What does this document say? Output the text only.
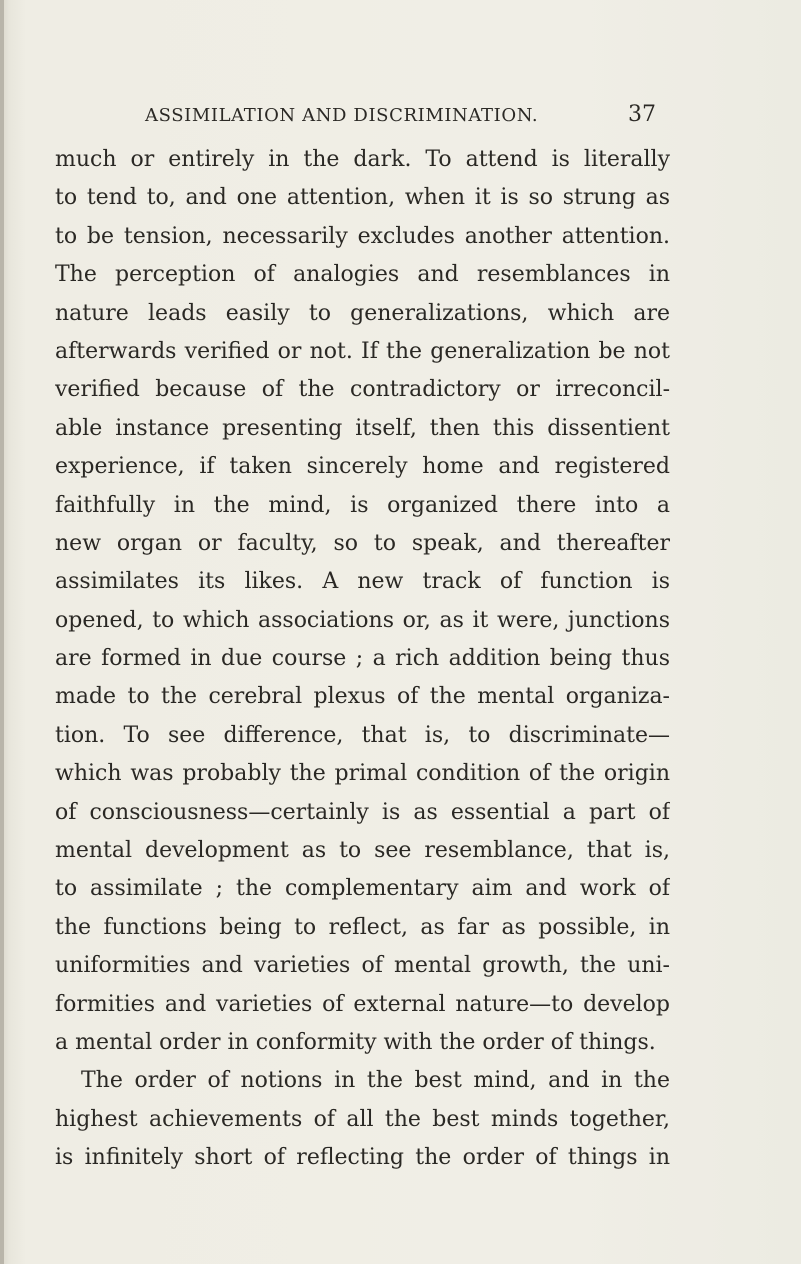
ASSIMILATION AND DISCRIMINATION.	37
much or entirely in the dark. To attend is literally
to tend to, and one attention, when it is so strung as
to be tension, necessarily excludes another attention.
The perception of analogies and resemblances in
nature leads easily to generalizations, which are
afterwards verified or not. If the generalization be not
verified because of the contradictory or irreconcil-
able instance presenting itself, then this dissentient
experience, if taken sincerely home and registered
faithfully in the mind, is organized there into a
new organ or faculty, so to speak, and thereafter
assimilates its likes. A new track of function is
opened, to which associations or, as it were, junctions
are formed in due course ; a rich addition being thus
made to the cerebral plexus of the mental organiza-
tion. To see difference, that is, to discriminate—
which was probably the primal condition of the origin
of consciousness—certainly is as essential a part of
mental development as to see resemblance, that is,
to assimilate ; the complementary aim and work of
the functions being to reflect, as far as possible, in
uniformities and varieties of mental growth, the uni-
formities and varieties of external nature—to develop
a mental order in conformity with the order of things.
The order of notions in the best mind, and in the
highest achievements of all the best minds together,
is infinitely short of reflecting the order of things in
